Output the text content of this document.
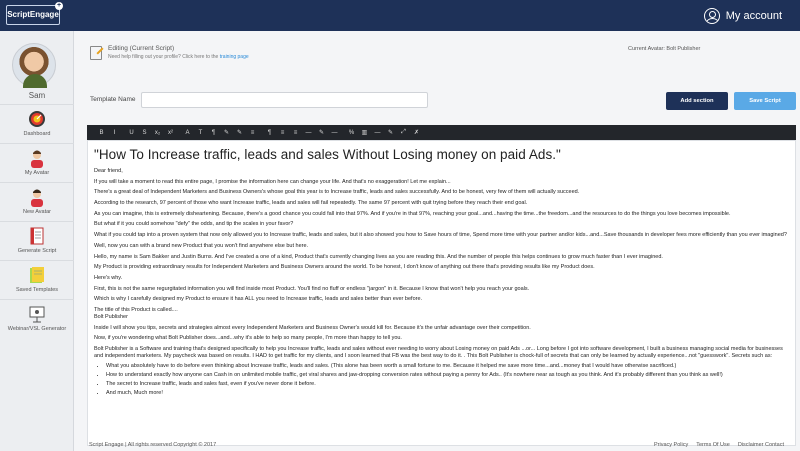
ScriptEngage
+
My account
Sam
Dashboard
My Avatar
New Avatar
Generate Script
Saved Templates
Webinar/VSL Generator
Editing (Current Script)
Need help filling out your profile? Click here to the training page
Current Avatar: Bolt Publisher
Template Name	Add section	Save Script
B	I	U	S	x₂	x²	A	T	¶	✎	✎	≡	¶	≡	≡	—	✎	—	%	▥	—	✎	⤢	✗
"How To Increase traffic, leads and sales Without Losing money on paid Ads."
Dear friend,
If you will take a moment to read this entire page, I promise the information here can change your life. And that's no exaggeration! Let me explain...
There's a great deal of Independent Marketers and Business Owners's whose goal this year is to Increase traffic, leads and sales successfully. And to be honest, very few of them will actually succeed.
According to the research, 97 percent of those who want Increase traffic, leads and sales will fail repeatedly. The same 97 percent with quit trying before they reach their end goal.
As you can imagine, this is extremely disheartening. Because, there's a good chance you could fall into that 97%. And if you're in that 97%, reaching your goal...and...having the time...the freedom...and the resources to do the things you love becomes impossible.
But what if it you could somehow "defy" the odds, and tip the scales in your favor?
What if you could tap into a proven system that now only allowed you to Increase traffic, leads and sales, but it also showed you how to Save hours of time, Spend more time with your partner and/or kids...and...Save thousands in developer fees more efficiently than you ever imagined?
Well, now you can with a brand new Product that you won't find anywhere else but here.
Hello, my name is Sam Bakker and Justin Burns. And I've created a one of a kind, Product that's currently changing lives as you are reading this. And the number of people this helps continues to grow much faster than I ever imagined.
My Product is providing extraordinary results for Independent Marketers and Business Owners around the world. To be honest, I don't know of anything out there that's providing results like my Product does.
Here's why.
First, this is not the same regurgitated information you will find inside most Product. You'll find no fluff or endless "jargon" in it. Because I know that won't help you reach your goals.
Which is why I carefully designed my Product to ensure it has ALL you need to Increase traffic, leads and sales better than ever before.
The title of this Product is called....
Bolt Publisher
Inside I will show you tips, secrets and strategies almost every Independent Marketers and Business Owner's would kill for. Because it's the unfair advantage over their competition.
Now, if you're wondering what Bolt Publisher does...and...why it's able to help so many people, I'm more than happy to tell you.
Bolt Publisher is a Software and training that's designed specifically to help you Increase traffic, leads and sales without ever needing to worry about Losing money on paid Ads ...or... Long before I got into software development, I built a business managing social media for businesses and independent marketers. My paycheck was based on results. I HAD to get traffic for my clients, and I soon learned that FB was the best way to do it. . This Bolt Publisher is chock-full of secrets that can only be learned by actually experience...not "guesswork". Secrets such as:
• What you absolutely have to do before even thinking about Increase traffic, leads and sales. (This alone has been worth a small fortune to me. Because it helped me save more time...and...money that I would have otherwise sacrificed.)
• How to understand exactly how anyone can Cash in on unlimited mobile traffic, get viral shares and jaw-dropping conversion rates without paying a penny for Ads.. (It's nowhere near as tough as you think. And it's probably different than you think as well!)
• The secret to Increase traffic, leads and sales fast, even if you've never done it before.
• And much, Much more!
Script Engage | All rights reserved Copyright © 2017	Privacy Policy Terms Of Use Disclaimer Contact
